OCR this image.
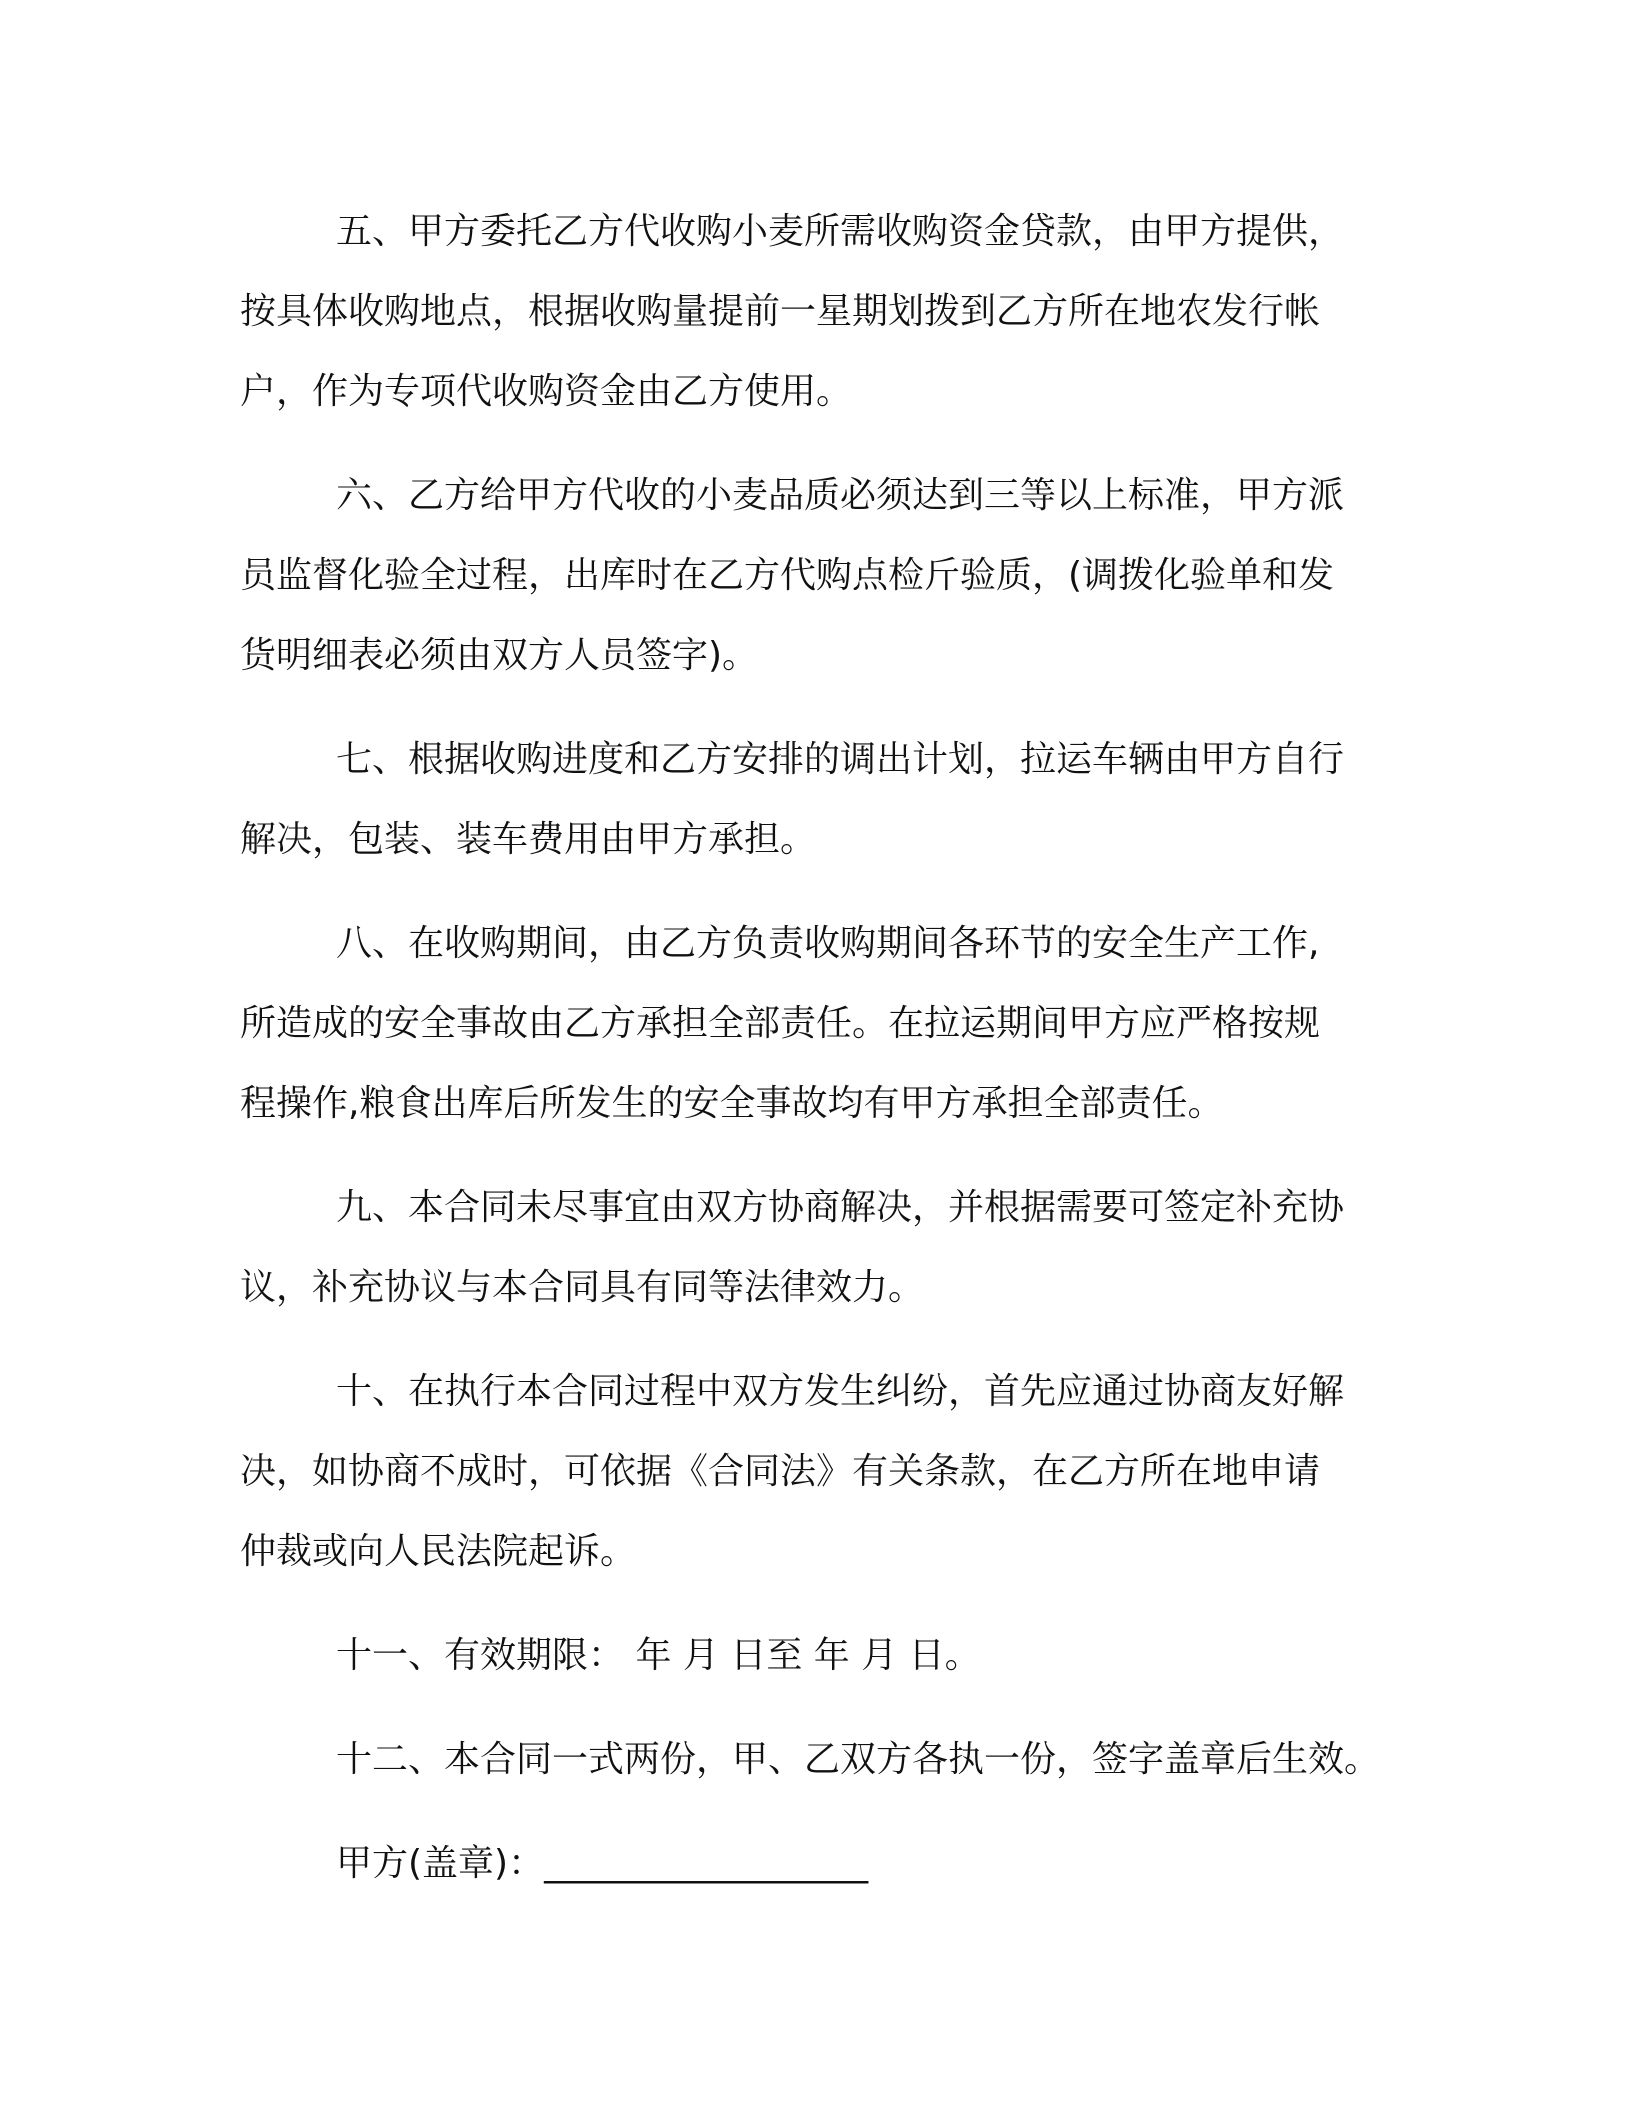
五、甲方委托乙方代收购小麦所需收购资金贷款，由甲方提供，
按具体收购地点，根据收购量提前一星期划拨到乙方所在地农发行帐
户，作为专项代收购资金由乙方使用。
六、乙方给甲方代收的小麦品质必须达到三等以上标准，甲方派
员监督化验全过程，出库时在乙方代购点检斤验质，(调拨化验单和发
货明细表必须由双方人员签字)。
七、根据收购进度和乙方安排的调出计划，拉运车辆由甲方自行
解决，包装、装车费用由甲方承担。
八、在收购期间，由乙方负责收购期间各环节的安全生产工作,
所造成的安全事故由乙方承担全部责任。在拉运期间甲方应严格按规
程操作,粮食出库后所发生的安全事故均有甲方承担全部责任。
九、本合同未尽事宜由双方协商解决，并根据需要可签定补充协
议，补充协议与本合同具有同等法律效力。
十、在执行本合同过程中双方发生纠纷，首先应通过协商友好解
决，如协商不成时，可依据《合同法》有关条款，在乙方所在地申请
仲裁或向人民法院起诉。
十一、有效期限： 年 月 日至 年 月 日。
十二、本合同一式两份，甲、乙双方各执一份，签字盖章后生效。
甲方(盖章)：__________________
